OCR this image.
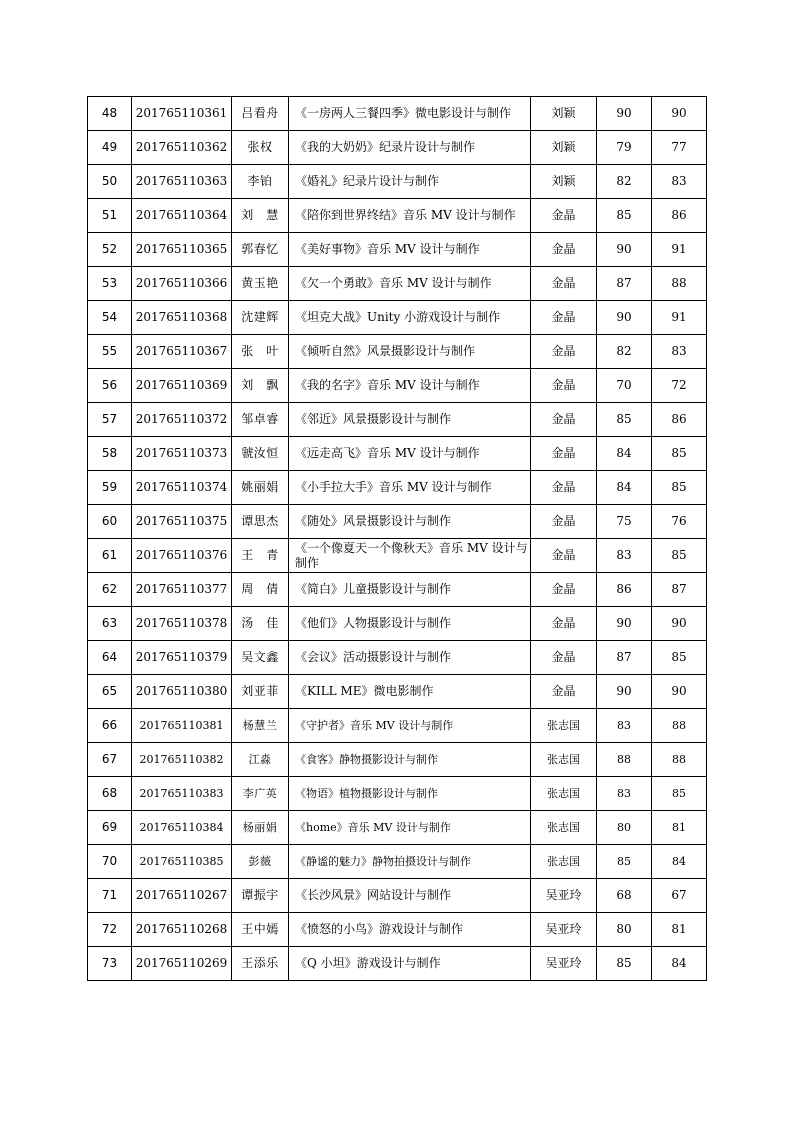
48	201765110361	吕看舟	《一房两人三餐四季》微电影设计与制作	刘颖	90	90
49	201765110362	张权	《我的大奶奶》纪录片设计与制作	刘颖	79	77
50	201765110363	李铂	《婚礼》纪录片设计与制作	刘颖	82	83
51	201765110364	刘　慧	《陪你到世界终结》音乐 MV 设计与制作	金晶	85	86
52	201765110365	郭春忆	《美好事物》音乐 MV 设计与制作	金晶	90	91
53	201765110366	黄玉艳	《欠一个勇敢》音乐 MV 设计与制作	金晶	87	88
54	201765110368	沈建辉	《坦克大战》Unity 小游戏设计与制作	金晶	90	91
55	201765110367	张　叶	《倾听自然》风景摄影设计与制作	金晶	82	83
56	201765110369	刘　飘	《我的名字》音乐 MV 设计与制作	金晶	70	72
57	201765110372	邹卓睿	《邻近》风景摄影设计与制作	金晶	85	86
58	201765110373	虢汝恒	《远走高飞》音乐 MV 设计与制作	金晶	84	85
59	201765110374	姚丽娟	《小手拉大手》音乐 MV 设计与制作	金晶	84	85
60	201765110375	谭思杰	《随处》风景摄影设计与制作	金晶	75	76
61	201765110376	王　青	《一个像夏天一个像秋天》音乐 MV 设计与制作	金晶	83	85
62	201765110377	周　倩	《简白》儿童摄影设计与制作	金晶	86	87
63	201765110378	汤　佳	《他们》人物摄影设计与制作	金晶	90	90
64	201765110379	吴文鑫	《会议》活动摄影设计与制作	金晶	87	85
65	201765110380	刘亚菲	《KILL ME》微电影制作	金晶	90	90
66	201765110381	杨慧兰	《守护者》音乐 MV 设计与制作	张志国	83	88
67	201765110382	江淼	《食客》静物摄影设计与制作	张志国	88	88
68	201765110383	李广英	《物语》植物摄影设计与制作	张志国	83	85
69	201765110384	杨丽娟	《home》音乐 MV 设计与制作	张志国	80	81
70	201765110385	彭薇	《静谧的魅力》静物拍摄设计与制作	张志国	85	84
71	201765110267	谭振宇	《长沙风景》网站设计与制作	吴亚玲	68	67
72	201765110268	王中嫣	《愤怒的小鸟》游戏设计与制作	吴亚玲	80	81
73	201765110269	王添乐	《Q 小坦》游戏设计与制作	吴亚玲	85	84
